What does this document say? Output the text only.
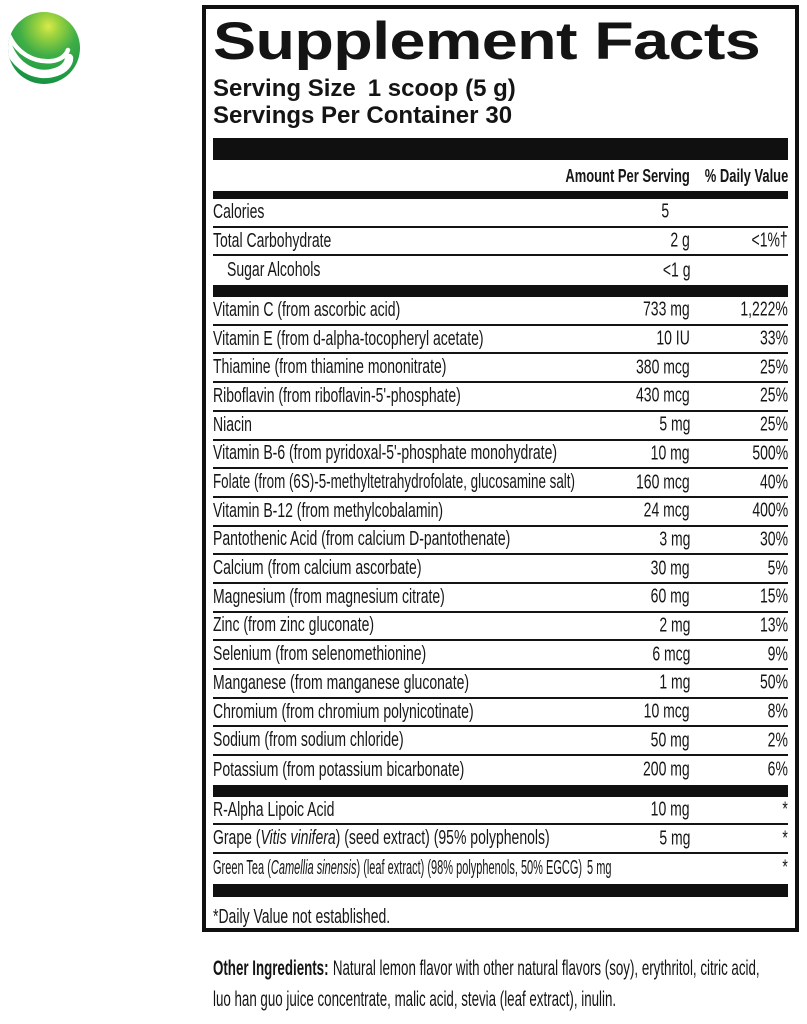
Supplement Facts
Serving Size 1 scoop (5 g)
Servings Per Container 30
Amount Per Serving % Daily Value
Calories	5
Total Carbohydrate	2 g	<1%†
Sugar Alcohols	<1 g
Vitamin C (from ascorbic acid)	733 mg	1,222%
Vitamin E (from d-alpha-tocopheryl acetate)	10 IU	33%
Thiamine (from thiamine mononitrate)	380 mcg	25%
Riboflavin (from riboflavin-5'-phosphate)	430 mcg	25%
Niacin	5 mg	25%
Vitamin B-6 (from pyridoxal-5'-phosphate monohydrate)	10 mg	500%
Folate (from (6S)-5-methyltetrahydrofolate, glucosamine salt)	160 mcg	40%
Vitamin B-12 (from methylcobalamin)	24 mcg	400%
Pantothenic Acid (from calcium D-pantothenate)	3 mg	30%
Calcium (from calcium ascorbate)	30 mg	5%
Magnesium (from magnesium citrate)	60 mg	15%
Zinc (from zinc gluconate)	2 mg	13%
Selenium (from selenomethionine)	6 mcg	9%
Manganese (from manganese gluconate)	1 mg	50%
Chromium (from chromium polynicotinate)	10 mcg	8%
Sodium (from sodium chloride)	50 mg	2%
Potassium (from potassium bicarbonate)	200 mg	6%
R-Alpha Lipoic Acid	10 mg	*
Grape (Vitis vinifera) (seed extract) (95% polyphenols)	5 mg	*
Green Tea (Camellia sinensis) (leaf extract) (98% polyphenols, 50% EGCG) 5 mg	*
*Daily Value not established.

Other Ingredients: Natural lemon flavor with other natural flavors (soy), erythritol, citric acid, luo han guo juice concentrate, malic acid, stevia (leaf extract), inulin.
